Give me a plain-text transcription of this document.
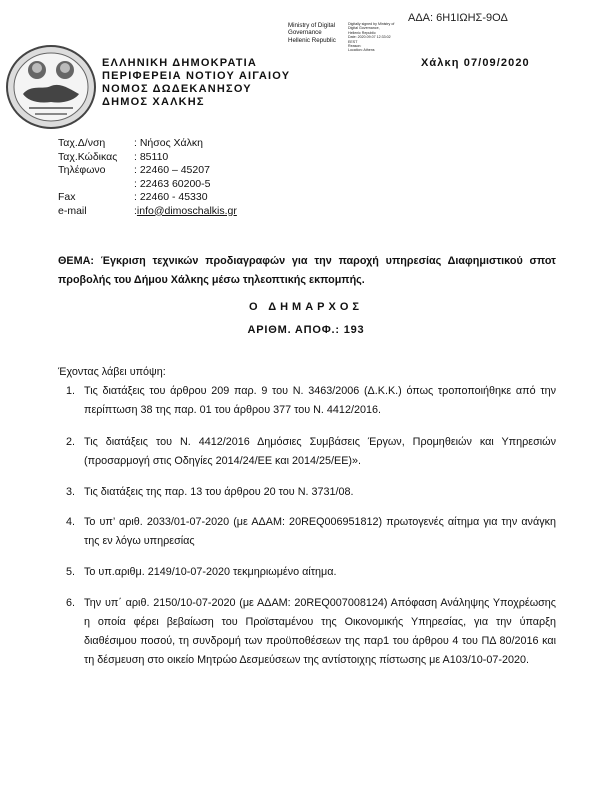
ΑΔΑ: 6Η1ΙΩΗΣ-9ΟΔ
Ministry of Digital
Governance
Hellenic Republic
Digitally signed by Ministry of
Digital Governance,
Hellenic Republic
Date: 2020.09.07 12:33:02
EEST
Reason:
Location: Athens
ΕΛΛΗΝΙΚΗ ΔΗΜΟΚΡΑΤΙΑ
ΠΕΡΙΦΕΡΕΙΑ ΝΟΤΙΟΥ ΑΙΓΑΙΟΥ
ΝΟΜΟΣ ΔΩΔΕΚΑΝΗΣΟΥ
ΔΗΜΟΣ ΧΑΛΚΗΣ
Χάλκη 07/09/2020
Ταχ.Δ/νση	: Νήσος Χάλκη
Ταχ.Κώδικας	: 85110
Τηλέφωνο	: 22460 – 45207
: 22463 60200-5
Fax	: 22460 - 45330
e-mail	: info@dimoschalkis.gr
ΘΕΜΑ: Έγκριση τεχνικών προδιαγραφών για την παροχή υπηρεσίας Διαφημιστικού σποτ προβολής του Δήμου Χάλκης μέσω τηλεοπτικής εκπομπής.
Ο ΔΗΜΑΡΧΟΣ
ΑΡΙΘΜ. ΑΠΟΦ.: 193
Έχοντας λάβει υπόψη:
1. Τις διατάξεις του άρθρου 209 παρ. 9 του Ν. 3463/2006 (Δ.Κ.Κ.) όπως τροποποιήθηκε από την περίπτωση 38 της παρ. 01 του άρθρου 377 του Ν. 4412/2016.
2. Τις διατάξεις του Ν. 4412/2016 Δημόσιες Συμβάσεις Έργων, Προμηθειών και Υπηρεσιών (προσαρμογή στις Οδηγίες 2014/24/ΕΕ και 2014/25/ΕΕ)».
3. Τις διατάξεις της παρ. 13 του άρθρου 20 του Ν. 3731/08.
4. Το υπ’ αριθ. 2033/01-07-2020 (με ΑΔΑΜ: 20REQ006951812) πρωτογενές αίτημα για την ανάγκη της εν λόγω υπηρεσίας
5. Το υπ.αριθμ. 2149/10-07-2020 τεκμηριωμένο αίτημα.
6. Την υπ΄ αριθ. 2150/10-07-2020 (με ΑΔΑΜ: 20REQ007008124) Απόφαση Ανάληψης Υποχρέωσης η οποία φέρει βεβαίωση του Προϊσταμένου της Οικονομικής Υπηρεσίας, για την ύπαρξη διαθέσιμου ποσού, τη συνδρομή των προϋποθέσεων της παρ1 του άρθρου 4 του ΠΔ 80/2016 και τη δέσμευση στο οικείο Μητρώο Δεσμεύσεων της αντίστοιχης πίστωσης με Α103/10-07-2020.
